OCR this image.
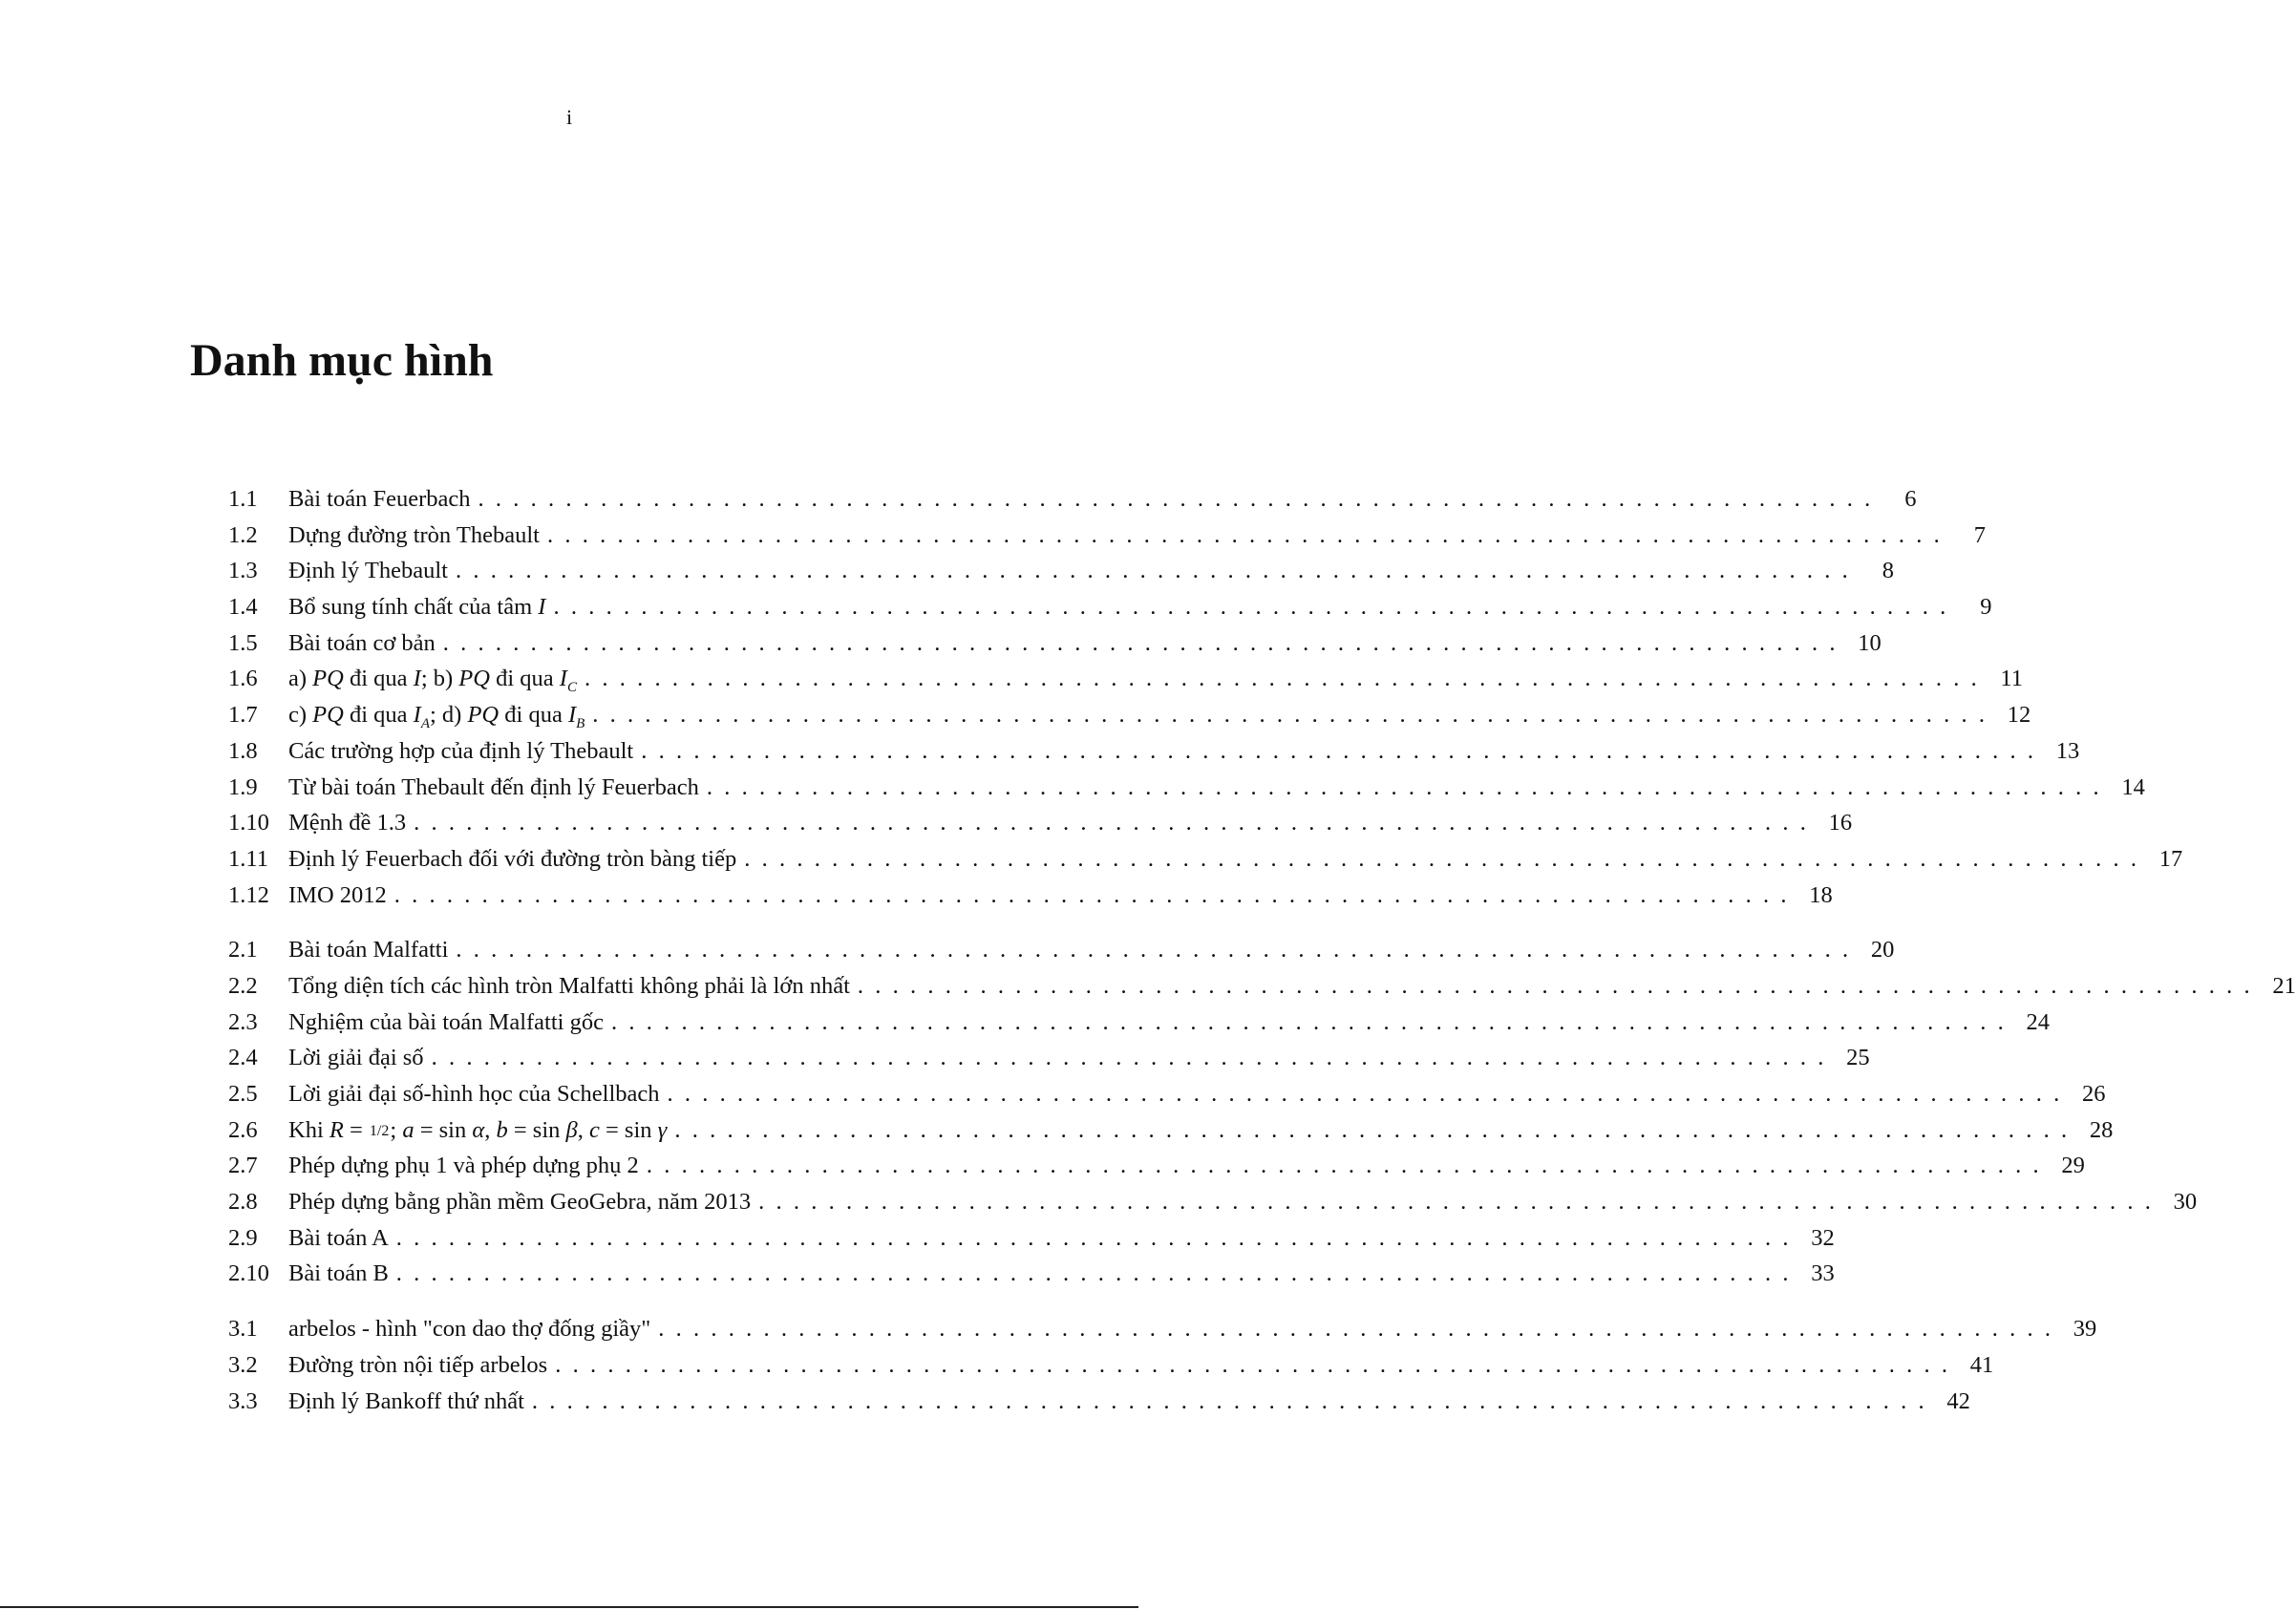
i
Danh mục hình
1.1	Bài toán Feuerbach .  .  .  .  .  .  .  .  .  .  .  .  .  .  .  .  .  .  .  .  .  .  .  .  .  .  .  .  .  .  .  .  .  .  .  .  .  .  .  .  .  .  .  .  .  .  .  .  .  .  .  .  .  .  .  .  .  .  .  .  .  .  .  .  .  .  .  .  .  .  .  .  .  .  .  .  .  .  .  . 6
1.2	Dựng đường tròn Thebault .  .  .  .  .  .  .  .  .  .  .  .  .  .  .  .  .  .  .  .  .  .  .  .  .  .  .  .  .  .  .  .  .  .  .  .  .  .  .  .  .  .  .  .  .  .  .  .  .  .  .  .  .  .  .  .  .  .  .  .  .  .  .  .  .  .  .  .  .  .  .  .  .  .  .  .  .  .  .  . 7
1.3	Định lý Thebault .  .  .  .  .  .  .  .  .  .  .  .  .  .  .  .  .  .  .  .  .  .  .  .  .  .  .  .  .  .  .  .  .  .  .  .  .  .  .  .  .  .  .  .  .  .  .  .  .  .  .  .  .  .  .  .  .  .  .  .  .  .  .  .  .  .  .  .  .  .  .  .  .  .  .  .  .  .  .  . 8
1.4	Bổ sung tính chất của tâm I .  .  .  .  .  .  .  .  .  .  .  .  .  .  .  .  .  .  .  .  .  .  .  .  .  .  .  .  .  .  .  .  .  .  .  .  .  .  .  .  .  .  .  .  .  .  .  .  .  .  .  .  .  .  .  .  .  .  .  .  .  .  .  .  .  .  .  .  .  .  .  .  .  .  .  .  .  .  .  . 9
1.5	Bài toán cơ bản .  .  .  .  .  .  .  .  .  .  .  .  .  .  .  .  .  .  .  .  .  .  .  .  .  .  .  .  .  .  .  .  .  .  .  .  .  .  .  .  .  .  .  .  .  .  .  .  .  .  .  .  .  .  .  .  .  .  .  .  .  .  .  .  .  .  .  .  .  .  .  .  .  .  .  .  .  .  .  . 10
1.6	a) PQ đi qua I; b) PQ đi qua $I_C$ .  .  .  .  .  .  .  .  .  .  .  .  .  .  .  .  .  .  .  .  .  .  .  .  .  .  .  .  .  .  .  .  .  .  .  .  .  .  .  .  .  .  .  .  .  .  .  .  .  .  .  .  .  .  .  .  .  .  .  .  .  .  .  .  .  .  .  .  .  .  .  .  .  .  .  .  .  .  .  . 11
1.7	c) PQ đi qua $I_A$; d) PQ đi qua $I_B$ .  .  .  .  .  .  .  .  .  .  .  .  .  .  .  .  .  .  .  .  .  .  .  .  .  .  .  .  .  .  .  .  .  .  .  .  .  .  .  .  .  .  .  .  .  .  .  .  .  .  .  .  .  .  .  .  .  .  .  .  .  .  .  .  .  .  .  .  .  .  .  .  .  .  .  .  .  .  .  . 12
1.8	Các trường hợp của định lý Thebault .  .  .  .  .  .  .  .  .  .  .  .  .  .  .  .  .  .  .  .  .  .  .  .  .  .  .  .  .  .  .  .  .  .  .  .  .  .  .  .  .  .  .  .  .  .  .  .  .  .  .  .  .  .  .  .  .  .  .  .  .  .  .  .  .  .  .  .  .  .  .  .  .  .  .  .  .  .  .  . 13
1.9	Từ bài toán Thebault đến định lý Feuerbach .  .  .  .  .  .  .  .  .  .  .  .  .  .  .  .  .  .  .  .  .  .  .  .  .  .  .  .  .  .  .  .  .  .  .  .  .  .  .  .  .  .  .  .  .  .  .  .  .  .  .  .  .  .  .  .  .  .  .  .  .  .  .  .  .  .  .  .  .  .  .  .  .  .  .  .  .  .  .  . 14
1.10 Mệnh đề 1.3 .  .  .  .  .  .  .  .  .  .  .  .  .  .  .  .  .  .  .  .  .  .  .  .  .  .  .  .  .  .  .  .  .  .  .  .  .  .  .  .  .  .  .  .  .  .  .  .  .  .  .  .  .  .  .  .  .  .  .  .  .  .  .  .  .  .  .  .  .  .  .  .  .  .  .  .  .  .  .  . 16
1.11 Định lý Feuerbach đối với đường tròn bàng tiếp .  .  .  .  .  .  .  .  .  .  .  .  .  .  .  .  .  .  .  .  .  .  .  .  .  .  .  .  .  .  .  .  .  .  .  .  .  .  .  .  .  .  .  .  .  .  .  .  .  .  .  .  .  .  .  .  .  .  .  .  .  .  .  .  .  .  .  .  .  .  .  .  .  .  .  .  .  .  .  . 17
1.12 IMO 2012 .  .  .  .  .  .  .  .  .  .  .  .  .  .  .  .  .  .  .  .  .  .  .  .  .  .  .  .  .  .  .  .  .  .  .  .  .  .  .  .  .  .  .  .  .  .  .  .  .  .  .  .  .  .  .  .  .  .  .  .  .  .  .  .  .  .  .  .  .  .  .  .  .  .  .  .  .  .  .  . 18
2.1	Bài toán Malfatti .  .  .  .  .  .  .  .  .  .  .  .  .  .  .  .  .  .  .  .  .  .  .  .  .  .  .  .  .  .  .  .  .  .  .  .  .  .  .  .  .  .  .  .  .  .  .  .  .  .  .  .  .  .  .  .  .  .  .  .  .  .  .  .  .  .  .  .  .  .  .  .  .  .  .  .  .  .  .  . 20
2.2	Tổng diện tích các hình tròn Malfatti không phải là lớn nhất .  .  .  .  .  .  .  .  .  .  .  .  .  .  .  .  .  .  .  .  .  .  .  .  .  .  .  .  .  .  .  .  .  .  .  .  .  .  .  .  .  .  .  .  .  .  .  .  .  .  .  .  .  .  .  .  .  .  .  .  .  .  .  .  .  .  .  .  .  .  .  .  .  .  .  .  .  .  .  . 21
2.3	Nghiệm của bài toán Malfatti gốc .  .  .  .  .  .  .  .  .  .  .  .  .  .  .  .  .  .  .  .  .  .  .  .  .  .  .  .  .  .  .  .  .  .  .  .  .  .  .  .  .  .  .  .  .  .  .  .  .  .  .  .  .  .  .  .  .  .  .  .  .  .  .  .  .  .  .  .  .  .  .  .  .  .  .  .  .  .  .  . 24
2.4	Lời giải đại số .  .  .  .  .  .  .  .  .  .  .  .  .  .  .  .  .  .  .  .  .  .  .  .  .  .  .  .  .  .  .  .  .  .  .  .  .  .  .  .  .  .  .  .  .  .  .  .  .  .  .  .  .  .  .  .  .  .  .  .  .  .  .  .  .  .  .  .  .  .  .  .  .  .  .  .  .  .  .  . 25
2.5	Lời giải đại số-hình học của Schellbach .  .  .  .  .  .  .  .  .  .  .  .  .  .  .  .  .  .  .  .  .  .  .  .  .  .  .  .  .  .  .  .  .  .  .  .  .  .  .  .  .  .  .  .  .  .  .  .  .  .  .  .  .  .  .  .  .  .  .  .  .  .  .  .  .  .  .  .  .  .  .  .  .  .  .  .  .  .  .  . 26
2.6	Khi R = 1/2; a = sin α, b = sin β, c = sin γ .  .  .  .  .  .  .  .  .  .  .  .  .  .  .  .  .  .  .  .  .  .  .  .  .  .  .  .  .  .  .  .  .  .  .  .  .  .  .  .  .  .  .  .  .  .  .  .  .  .  .  .  .  .  .  .  .  .  .  .  .  .  .  .  .  .  .  .  .  .  .  .  .  .  .  .  .  .  .  . 28
2.7	Phép dựng phụ 1 và phép dựng phụ 2 .  .  .  .  .  .  .  .  .  .  .  .  .  .  .  .  .  .  .  .  .  .  .  .  .  .  .  .  .  .  .  .  .  .  .  .  .  .  .  .  .  .  .  .  .  .  .  .  .  .  .  .  .  .  .  .  .  .  .  .  .  .  .  .  .  .  .  .  .  .  .  .  .  .  .  .  .  .  .  . 29
2.8	Phép dựng bằng phần mềm GeoGebra, năm 2013 .  .  .  .  .  .  .  .  .  .  .  .  .  .  .  .  .  .  .  .  .  .  .  .  .  .  .  .  .  .  .  .  .  .  .  .  .  .  .  .  .  .  .  .  .  .  .  .  .  .  .  .  .  .  .  .  .  .  .  .  .  .  .  .  .  .  .  .  .  .  .  .  .  .  .  .  .  .  .  . 30
2.9	Bài toán A .  .  .  .  .  .  .  .  .  .  .  .  .  .  .  .  .  .  .  .  .  .  .  .  .  .  .  .  .  .  .  .  .  .  .  .  .  .  .  .  .  .  .  .  .  .  .  .  .  .  .  .  .  .  .  .  .  .  .  .  .  .  .  .  .  .  .  .  .  .  .  .  .  .  .  .  .  .  .  . 32
2.10 Bài toán B .  .  .  .  .  .  .  .  .  .  .  .  .  .  .  .  .  .  .  .  .  .  .  .  .  .  .  .  .  .  .  .  .  .  .  .  .  .  .  .  .  .  .  .  .  .  .  .  .  .  .  .  .  .  .  .  .  .  .  .  .  .  .  .  .  .  .  .  .  .  .  .  .  .  .  .  .  .  .  . 33
3.1	arbelos - hình "con dao thợ đống giầy" .  .  .  .  .  .  .  .  .  .  .  .  .  .  .  .  .  .  .  .  .  .  .  .  .  .  .  .  .  .  .  .  .  .  .  .  .  .  .  .  .  .  .  .  .  .  .  .  .  .  .  .  .  .  .  .  .  .  .  .  .  .  .  .  .  .  .  .  .  .  .  .  .  .  .  .  .  .  .  . 39
3.2	Đường tròn nội tiếp arbelos .  .  .  .  .  .  .  .  .  .  .  .  .  .  .  .  .  .  .  .  .  .  .  .  .  .  .  .  .  .  .  .  .  .  .  .  .  .  .  .  .  .  .  .  .  .  .  .  .  .  .  .  .  .  .  .  .  .  .  .  .  .  .  .  .  .  .  .  .  .  .  .  .  .  .  .  .  .  .  . 41
3.3	Định lý Bankoff thứ nhất .  .  .  .  .  .  .  .  .  .  .  .  .  .  .  .  .  .  .  .  .  .  .  .  .  .  .  .  .  .  .  .  .  .  .  .  .  .  .  .  .  .  .  .  .  .  .  .  .  .  .  .  .  .  .  .  .  .  .  .  .  .  .  .  .  .  .  .  .  .  .  .  .  .  .  .  .  .  .  . 42
